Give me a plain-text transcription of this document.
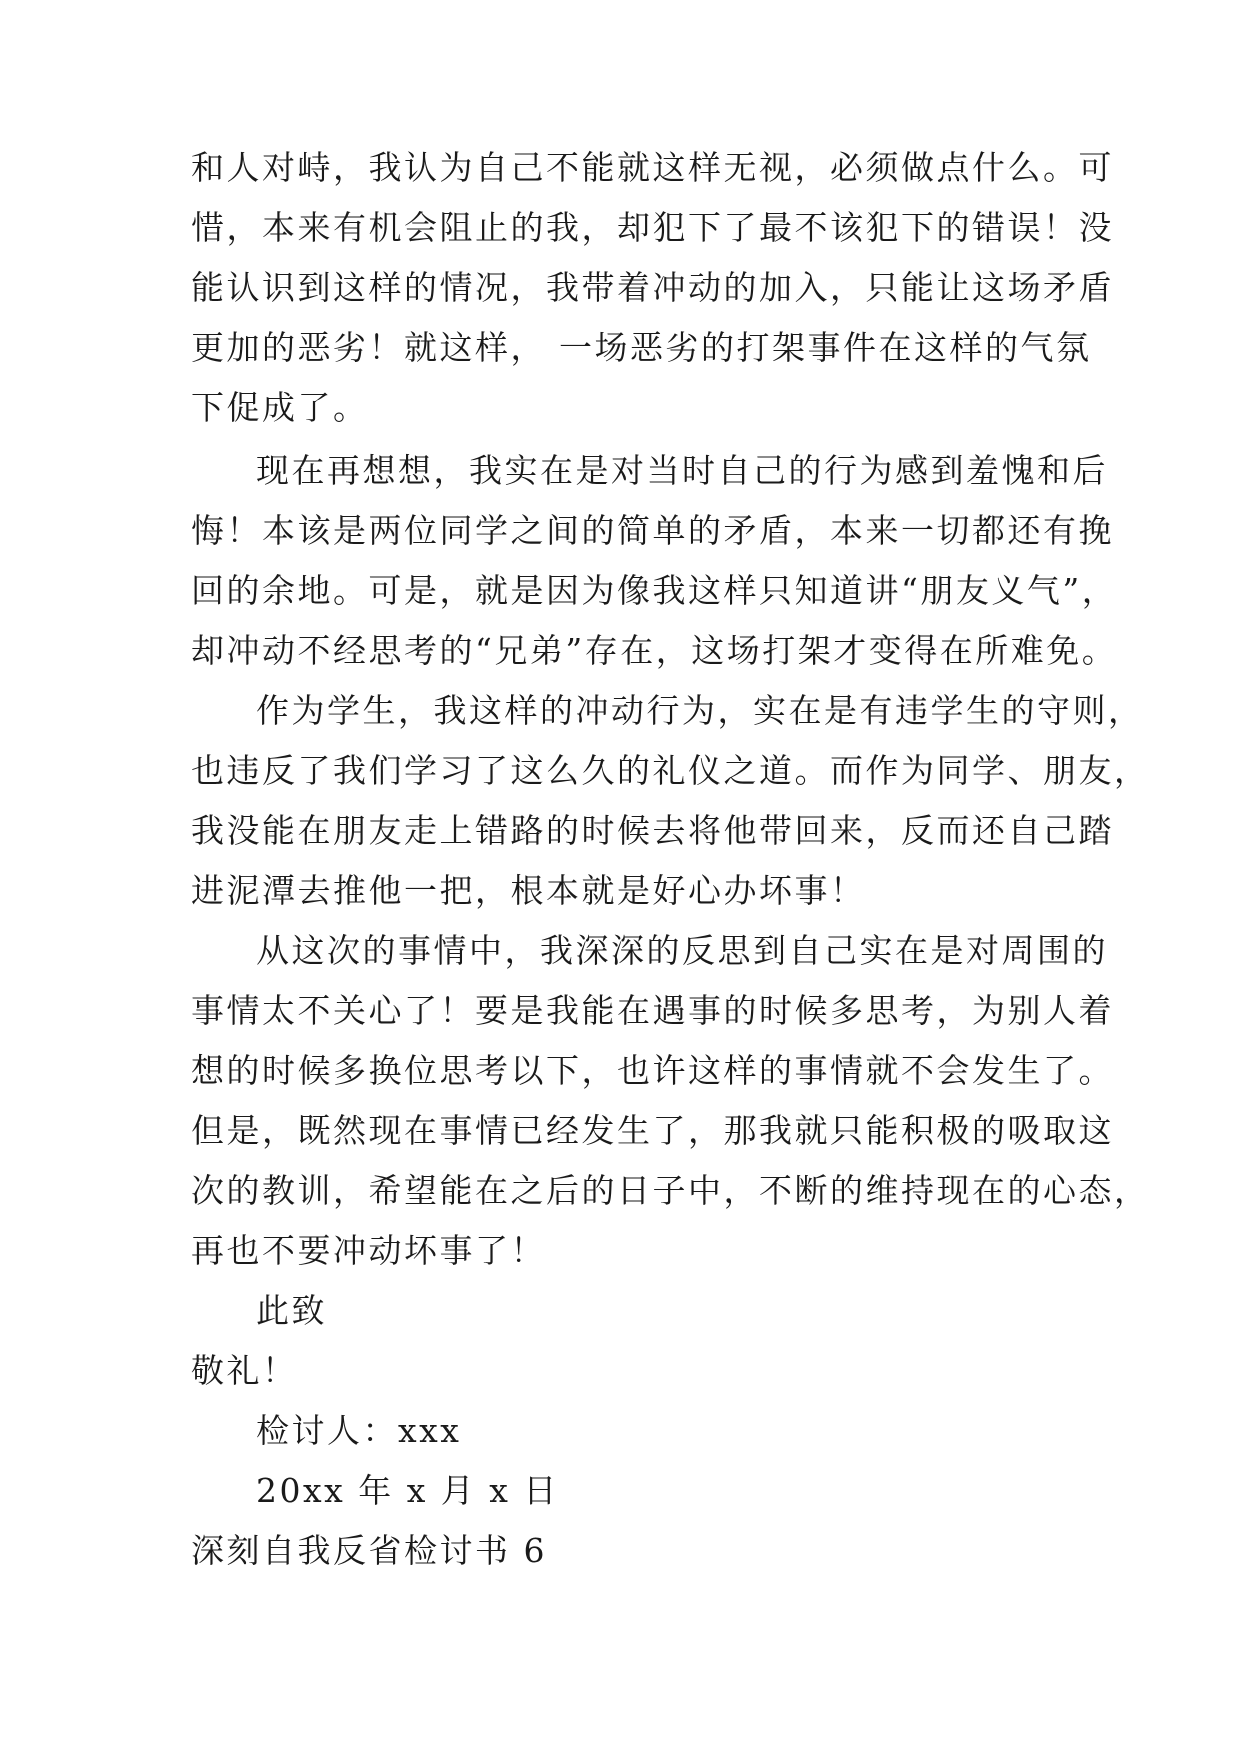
和人对峙，我认为自己不能就这样无视，必须做点什么。可
惜，本来有机会阻止的我，却犯下了最不该犯下的错误！没
能认识到这样的情况，我带着冲动的加入，只能让这场矛盾
更加的恶劣！就这样， 一场恶劣的打架事件在这样的气氛
下促成了。
现在再想想，我实在是对当时自己的行为感到羞愧和后
悔！本该是两位同学之间的简单的矛盾，本来一切都还有挽
回的余地。可是，就是因为像我这样只知道讲“朋友义气”，
却冲动不经思考的“兄弟”存在，这场打架才变得在所难免。
作为学生，我这样的冲动行为，实在是有违学生的守则，
也违反了我们学习了这么久的礼仪之道。而作为同学、朋友，
我没能在朋友走上错路的时候去将他带回来，反而还自己踏
进泥潭去推他一把，根本就是好心办坏事！
从这次的事情中，我深深的反思到自己实在是对周围的
事情太不关心了！要是我能在遇事的时候多思考，为别人着
想的时候多换位思考以下，也许这样的事情就不会发生了。
但是，既然现在事情已经发生了，那我就只能积极的吸取这
次的教训，希望能在之后的日子中，不断的维持现在的心态，
再也不要冲动坏事了！
此致
敬礼！
检讨人：xxx
20xx 年 x 月 x 日
深刻自我反省检讨书 6
